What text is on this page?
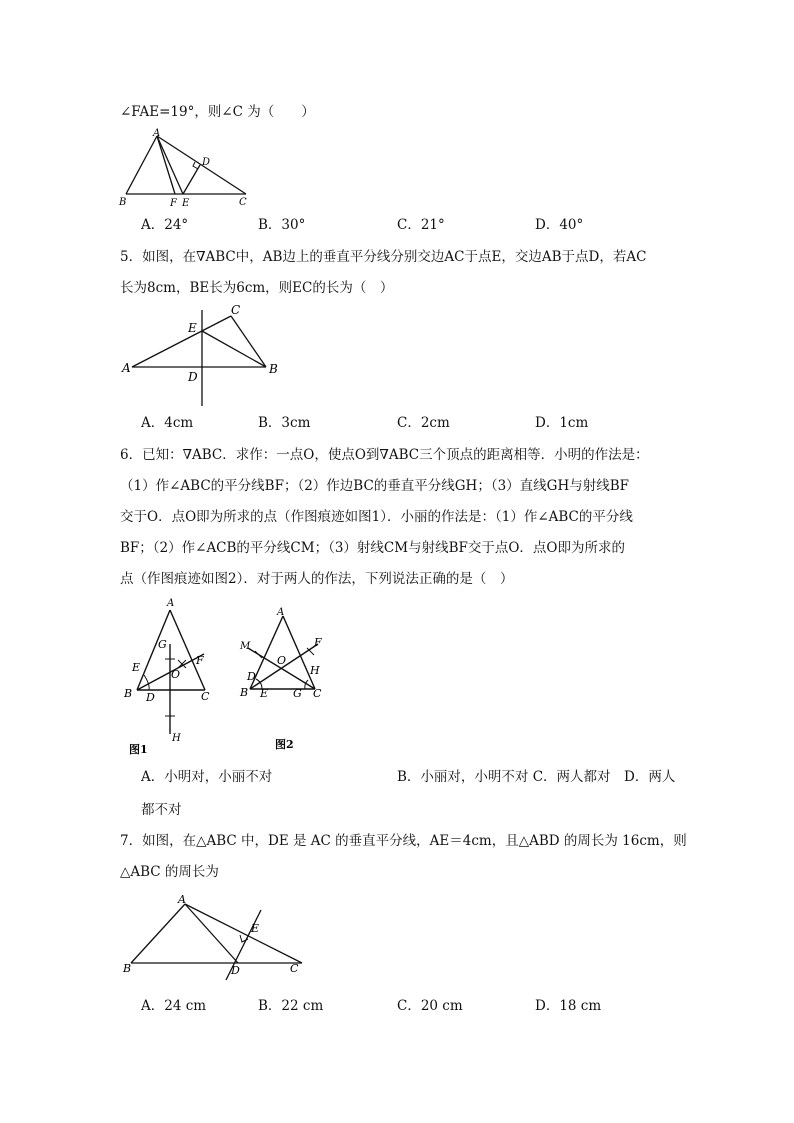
∠FAE=19°，则∠C 为（　　）
A
B	C
D
E
F
A．24°	B．30°	C．21°	D．40°
5．如图，在∇ABC中，AB边上的垂直平分线分别交边AC于点E，交边AB于点D，若AC
长为8cm，BE长为6cm，则EC的长为（　）
A	B
C
D
E
A．4cm	B．3cm	C．2cm	D．1cm
6．已知：∇ABC．求作：一点O，使点O到∇ABC三个顶点的距离相等．小明的作法是：
（1）作∠ABC的平分线BF；（2）作边BC的垂直平分线GH；（3）直线GH与射线BF
交于O．点O即为所求的点（作图痕迹如图1）．小丽的作法是：（1）作∠ABC的平分线
BF；（2）作∠ACB的平分线CM；（3）射线CM与射线BF交于点O．点O即为所求的
点（作图痕迹如图2）．对于两人的作法，下列说法正确的是（　）
A
G
E
O
F
B D	C
H
图1
A
M	F
O
H
D
B E G C
图2
A．小明对，小丽不对	B．小丽对，小明不对 C．两人都对　D．两人
都不对
7．如图，在△ABC 中，DE 是 AC 的垂直平分线，AE＝4cm，且△ABD 的周长为 16cm，则
△ABC 的周长为
A
B	C
D
E
A．24 cm	B．22 cm	C．20 cm	D．18 cm
